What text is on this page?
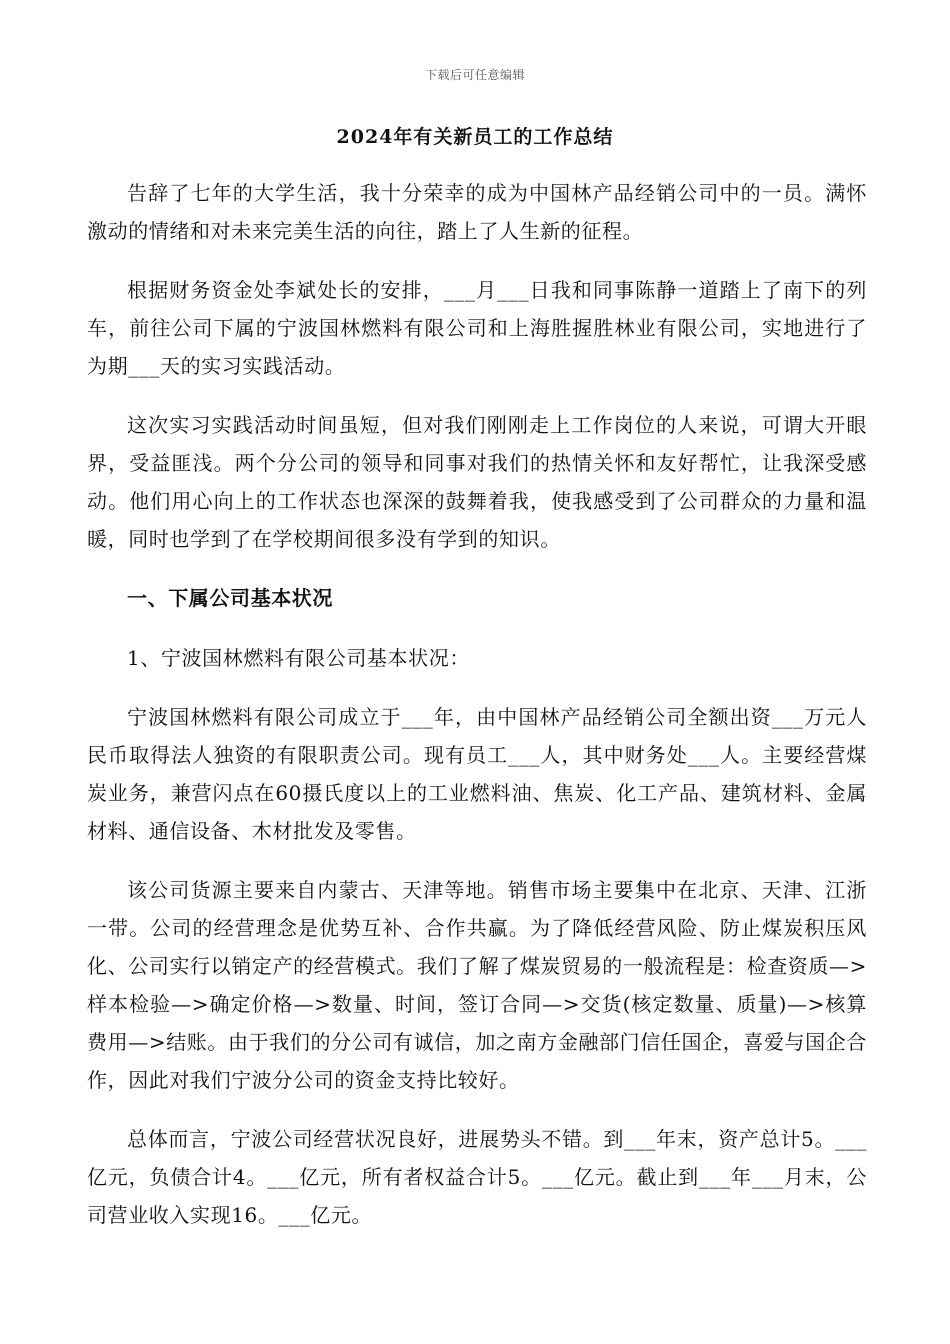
下载后可任意编辑
2024年有关新员工的工作总结

告辞了七年的大学生活，我十分荣幸的成为中国林产品经销公司中的一员。满怀激动的情绪和对未来完美生活的向往，踏上了人生新的征程。

根据财务资金处李斌处长的安排，___月___日我和同事陈静一道踏上了南下的列车，前往公司下属的宁波国林燃料有限公司和上海胜握胜林业有限公司，实地进行了为期___天的实习实践活动。

这次实习实践活动时间虽短，但对我们刚刚走上工作岗位的人来说，可谓大开眼界，受益匪浅。两个分公司的领导和同事对我们的热情关怀和友好帮忙，让我深受感动。他们用心向上的工作状态也深深的鼓舞着我，使我感受到了公司群众的力量和温暖，同时也学到了在学校期间很多没有学到的知识。

一、下属公司基本状况

1、宁波国林燃料有限公司基本状况：

宁波国林燃料有限公司成立于___年，由中国林产品经销公司全额出资___万元人民币取得法人独资的有限职责公司。现有员工___人，其中财务处___人。主要经营煤炭业务，兼营闪点在60摄氏度以上的工业燃料油、焦炭、化工产品、建筑材料、金属材料、通信设备、木材批发及零售。

该公司货源主要来自内蒙古、天津等地。销售市场主要集中在北京、天津、江浙一带。公司的经营理念是优势互补、合作共赢。为了降低经营风险、防止煤炭积压风化、公司实行以销定产的经营模式。我们了解了煤炭贸易的一般流程是：检查资质—>样本检验—>确定价格—>数量、时间，签订合同—>交货(核定数量、质量)—>核算费用—>结账。由于我们的分公司有诚信，加之南方金融部门信任国企，喜爱与国企合作，因此对我们宁波分公司的资金支持比较好。

总体而言，宁波公司经营状况良好，进展势头不错。到___年末，资产总计5。___亿元，负债合计4。___亿元，所有者权益合计5。___亿元。截止到___年___月末，公司营业收入实现16。___亿元。
